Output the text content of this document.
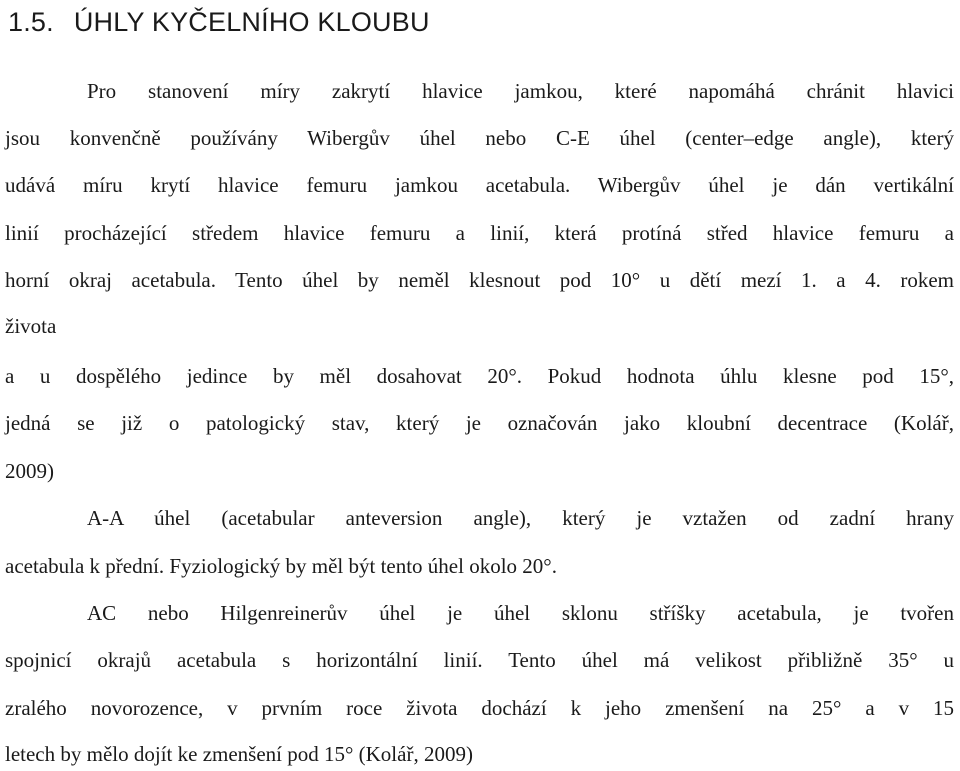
1.5. ÚHLY KYČELNÍHO KLOUBU

Pro stanovení míry zakrytí hlavice jamkou, které napomáhá chránit hlavici

jsou konvenčně používány Wibergův úhel nebo C-E úhel (center–edge angle), který

udává míru krytí hlavice femuru jamkou acetabula. Wibergův úhel je dán vertikální

linií procházející středem hlavice femuru a linií, která protíná střed hlavice femuru a

horní okraj acetabula. Tento úhel by neměl klesnout pod 10° u dětí mezí 1. a 4. rokem

života

a u dospělého jedince by měl dosahovat 20°. Pokud hodnota úhlu klesne pod 15°,

jedná se již o patologický stav, který je označován jako kloubní decentrace (Kolář,

2009)

A-A úhel (acetabular anteversion angle), který je vztažen od zadní hrany

acetabula k přední. Fyziologický by měl být tento úhel okolo 20°.

AC nebo Hilgenreinerův úhel je úhel sklonu stříšky acetabula, je tvořen

spojnicí okrajů acetabula s horizontální linií. Tento úhel má velikost přibližně 35° u

zralého novorozence, v prvním roce života dochází k jeho zmenšení na 25° a v 15

letech by mělo dojít ke zmenšení pod 15° (Kolář, 2009)
